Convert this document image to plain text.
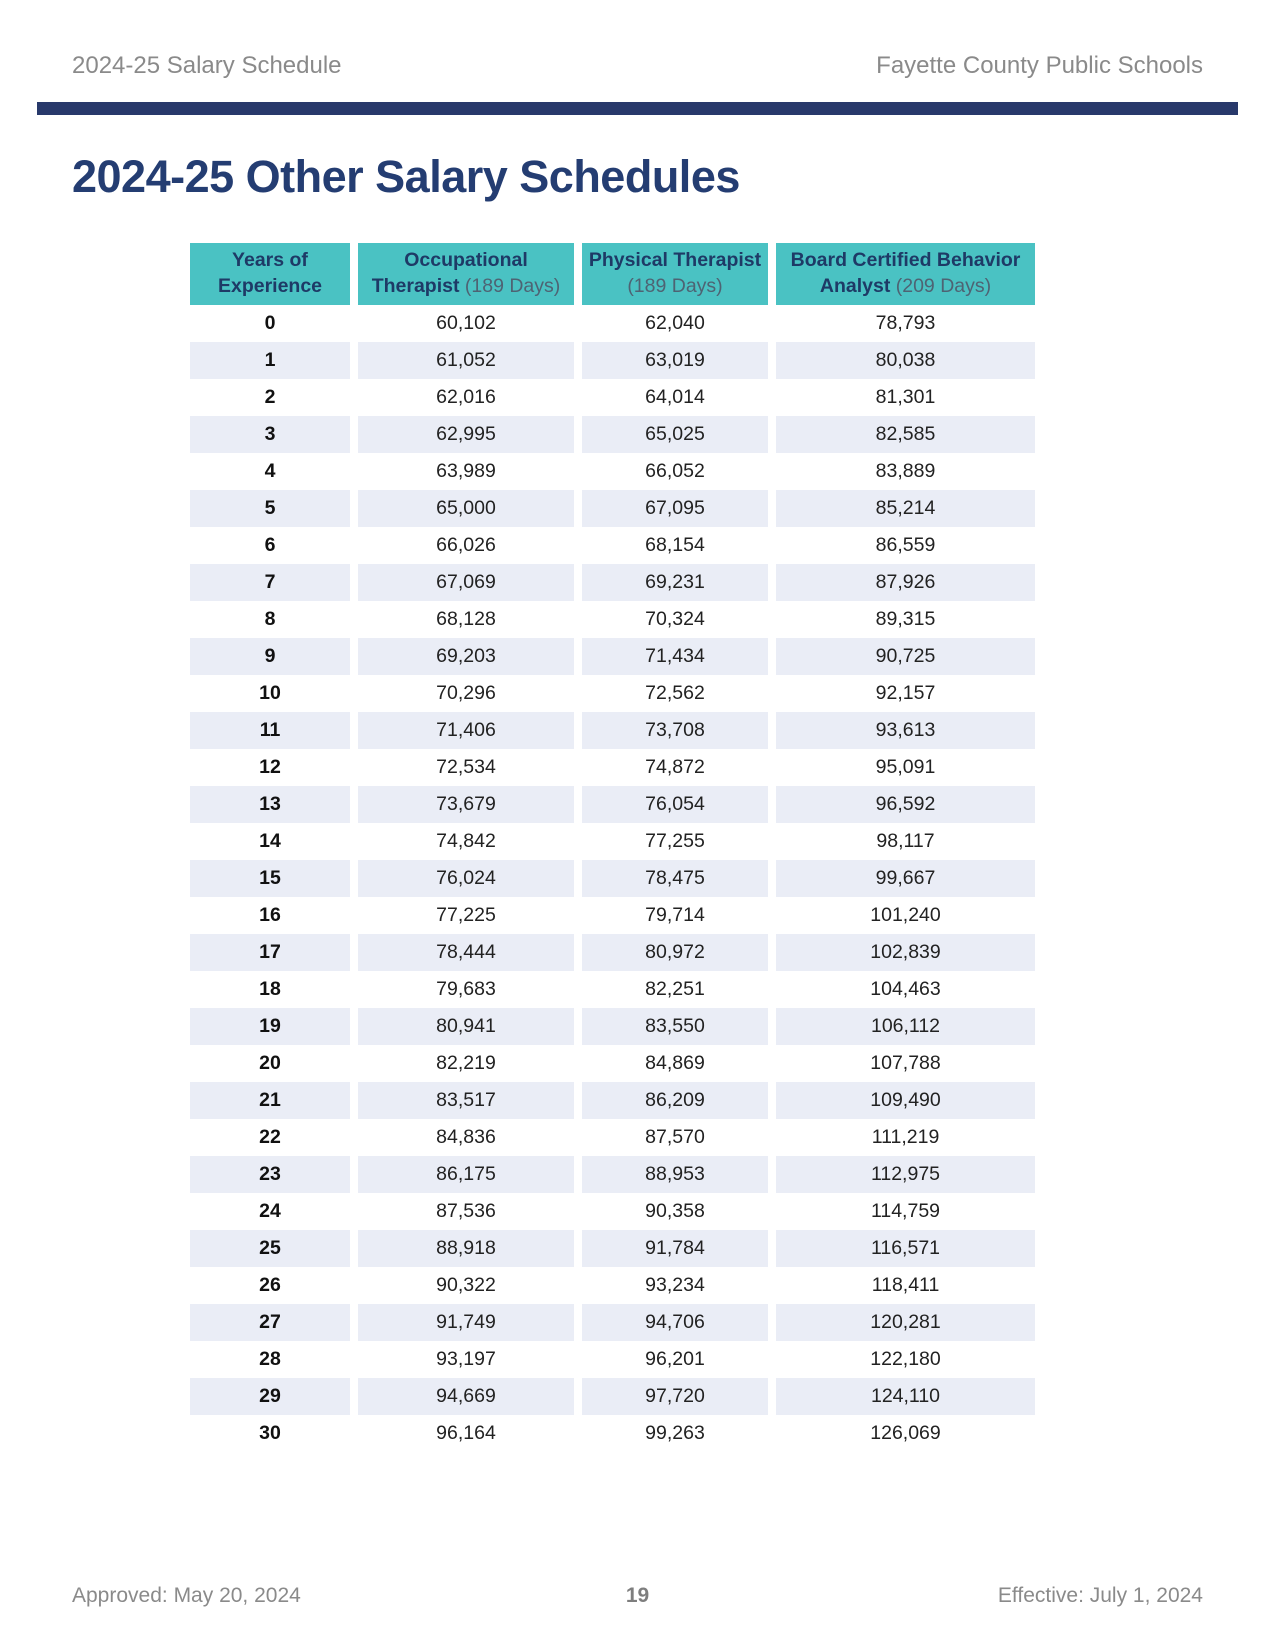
2024-25 Salary Schedule	Fayette County Public Schools
2024-25 Other Salary Schedules
Years of Experience	Occupational Therapist (189 Days)	Physical Therapist (189 Days)	Board Certified Behavior Analyst (209 Days)
0	60,102	62,040	78,793
1	61,052	63,019	80,038
2	62,016	64,014	81,301
3	62,995	65,025	82,585
4	63,989	66,052	83,889
5	65,000	67,095	85,214
6	66,026	68,154	86,559
7	67,069	69,231	87,926
8	68,128	70,324	89,315
9	69,203	71,434	90,725
10	70,296	72,562	92,157
11	71,406	73,708	93,613
12	72,534	74,872	95,091
13	73,679	76,054	96,592
14	74,842	77,255	98,117
15	76,024	78,475	99,667
16	77,225	79,714	101,240
17	78,444	80,972	102,839
18	79,683	82,251	104,463
19	80,941	83,550	106,112
20	82,219	84,869	107,788
21	83,517	86,209	109,490
22	84,836	87,570	111,219
23	86,175	88,953	112,975
24	87,536	90,358	114,759
25	88,918	91,784	116,571
26	90,322	93,234	118,411
27	91,749	94,706	120,281
28	93,197	96,201	122,180
29	94,669	97,720	124,110
30	96,164	99,263	126,069
Approved: May 20, 2024	19	Effective: July 1, 2024
